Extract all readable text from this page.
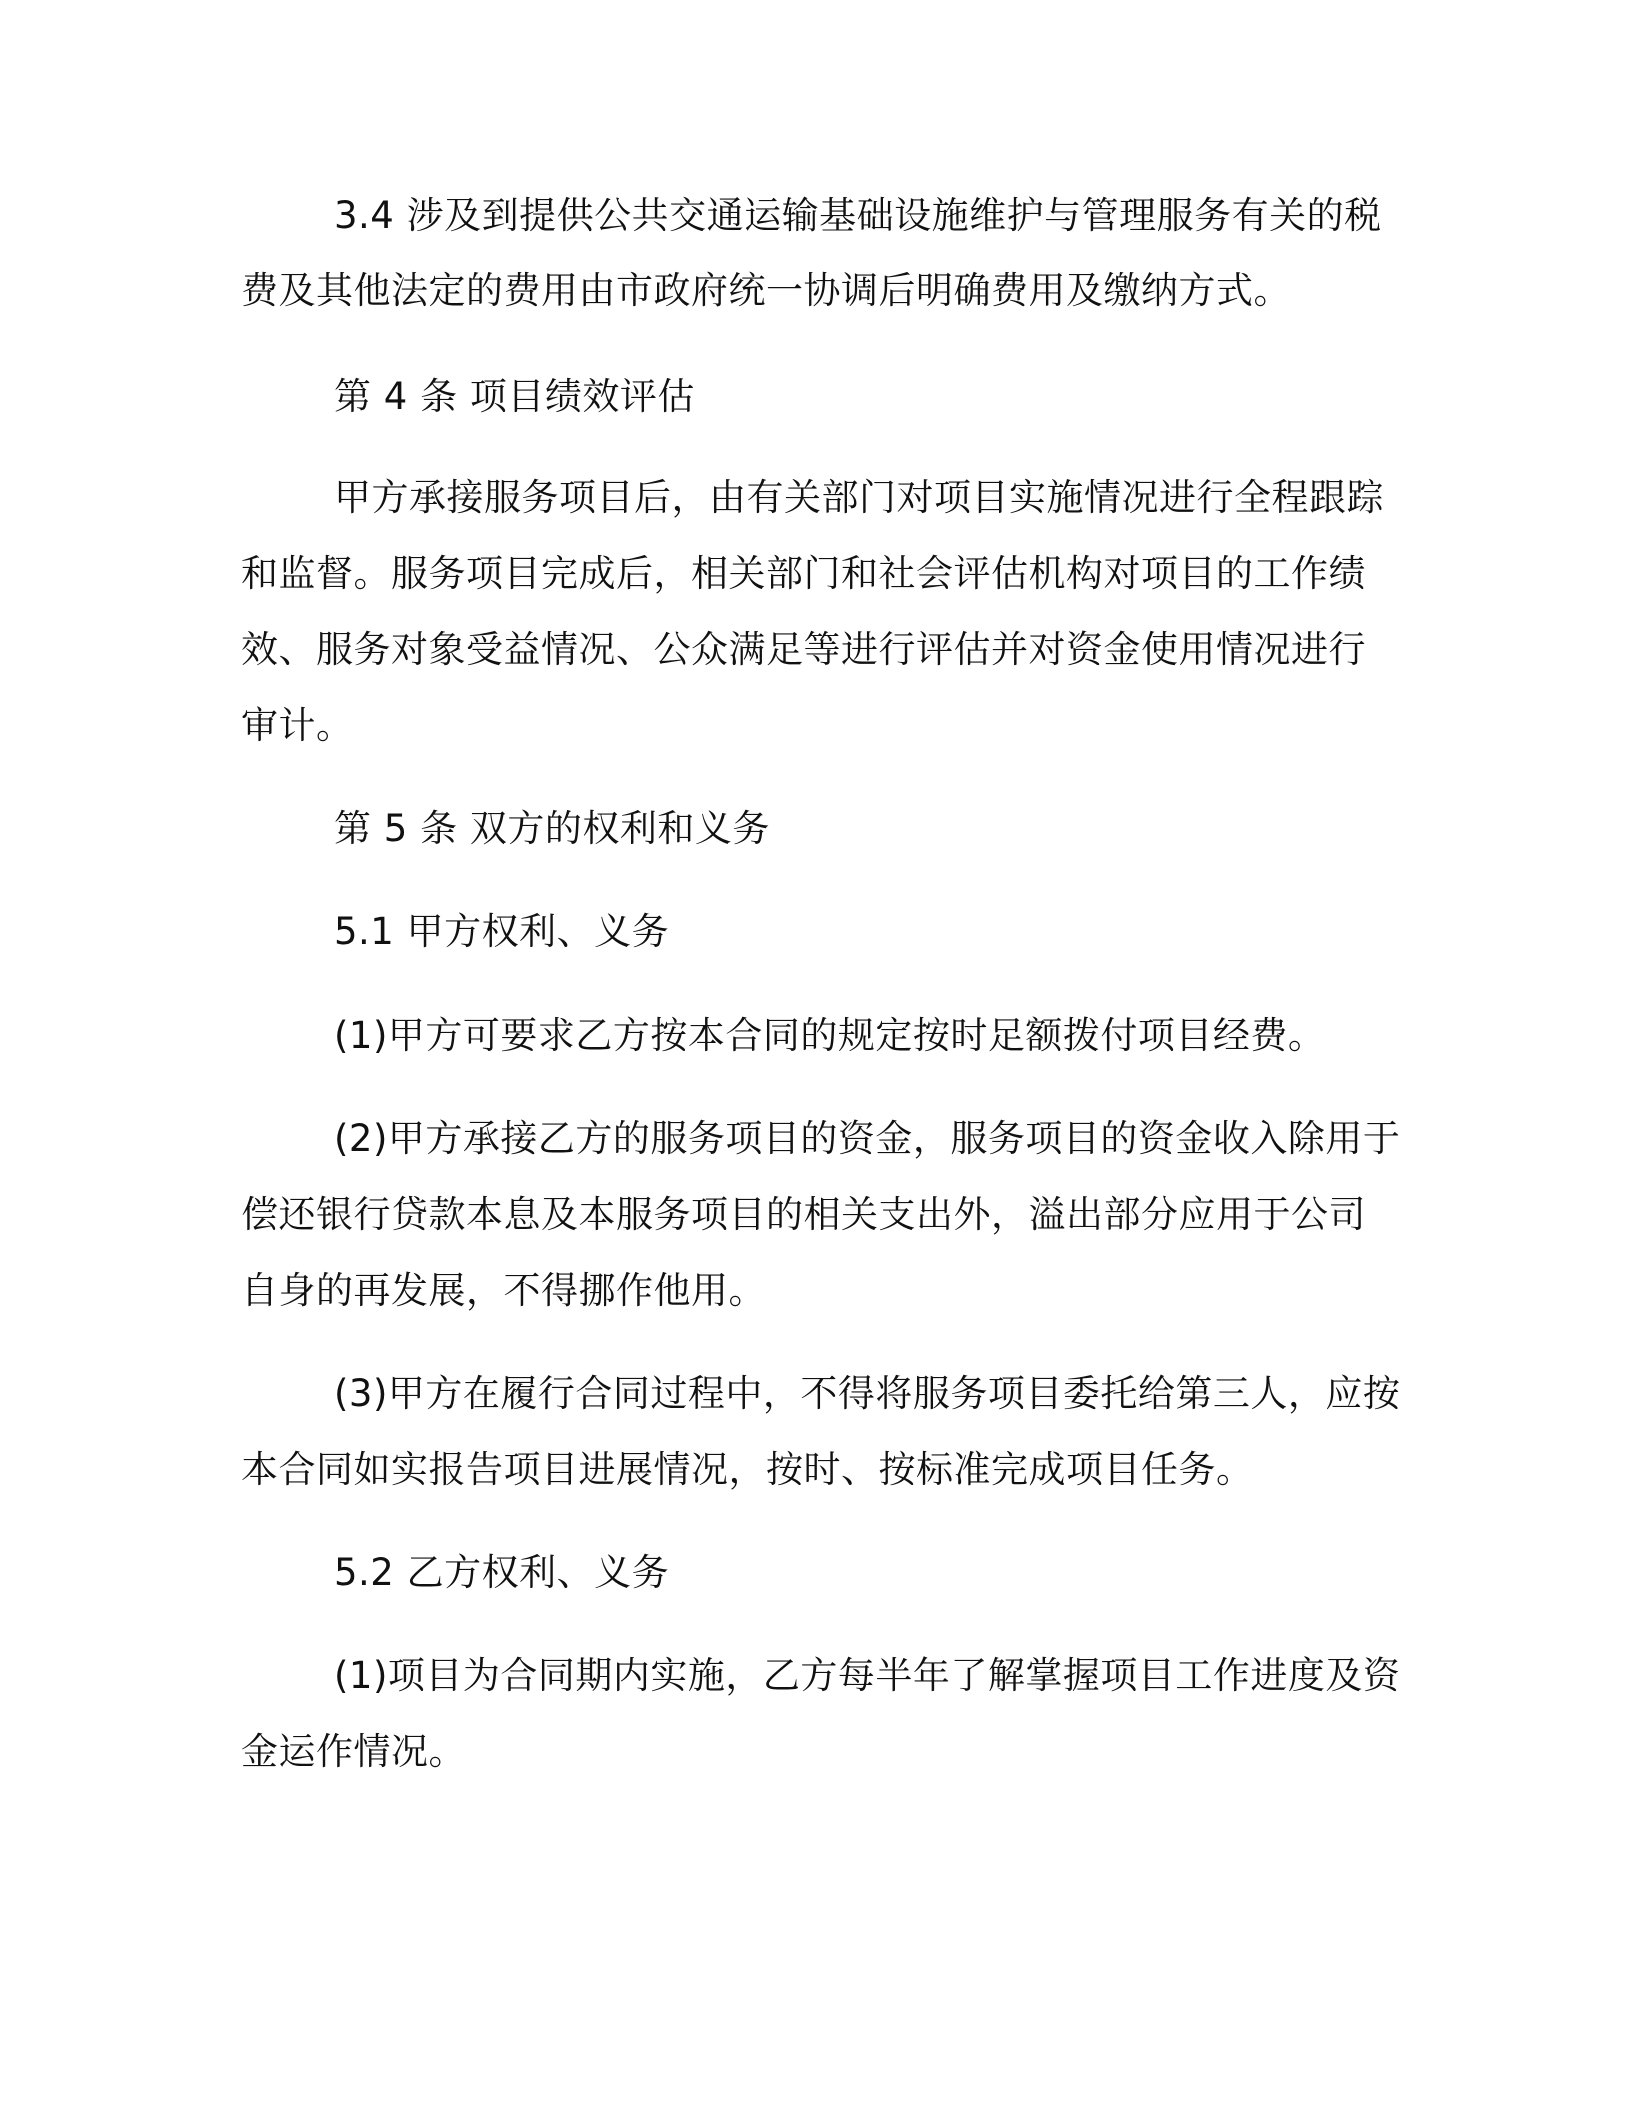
3.4 涉及到提供公共交通运输基础设施维护与管理服务有关的税
费及其他法定的费用由市政府统一协调后明确费用及缴纳方式。
第 4 条 项目绩效评估
甲方承接服务项目后，由有关部门对项目实施情况进行全程跟踪
和监督。服务项目完成后，相关部门和社会评估机构对项目的工作绩
效、服务对象受益情况、公众满足等进行评估并对资金使用情况进行
审计。
第 5 条 双方的权利和义务
5.1 甲方权利、义务
(1)甲方可要求乙方按本合同的规定按时足额拨付项目经费。
(2)甲方承接乙方的服务项目的资金，服务项目的资金收入除用于
偿还银行贷款本息及本服务项目的相关支出外，溢出部分应用于公司
自身的再发展，不得挪作他用。
(3)甲方在履行合同过程中，不得将服务项目委托给第三人，应按
本合同如实报告项目进展情况，按时、按标准完成项目任务。
5.2 乙方权利、义务
(1)项目为合同期内实施，乙方每半年了解掌握项目工作进度及资
金运作情况。
